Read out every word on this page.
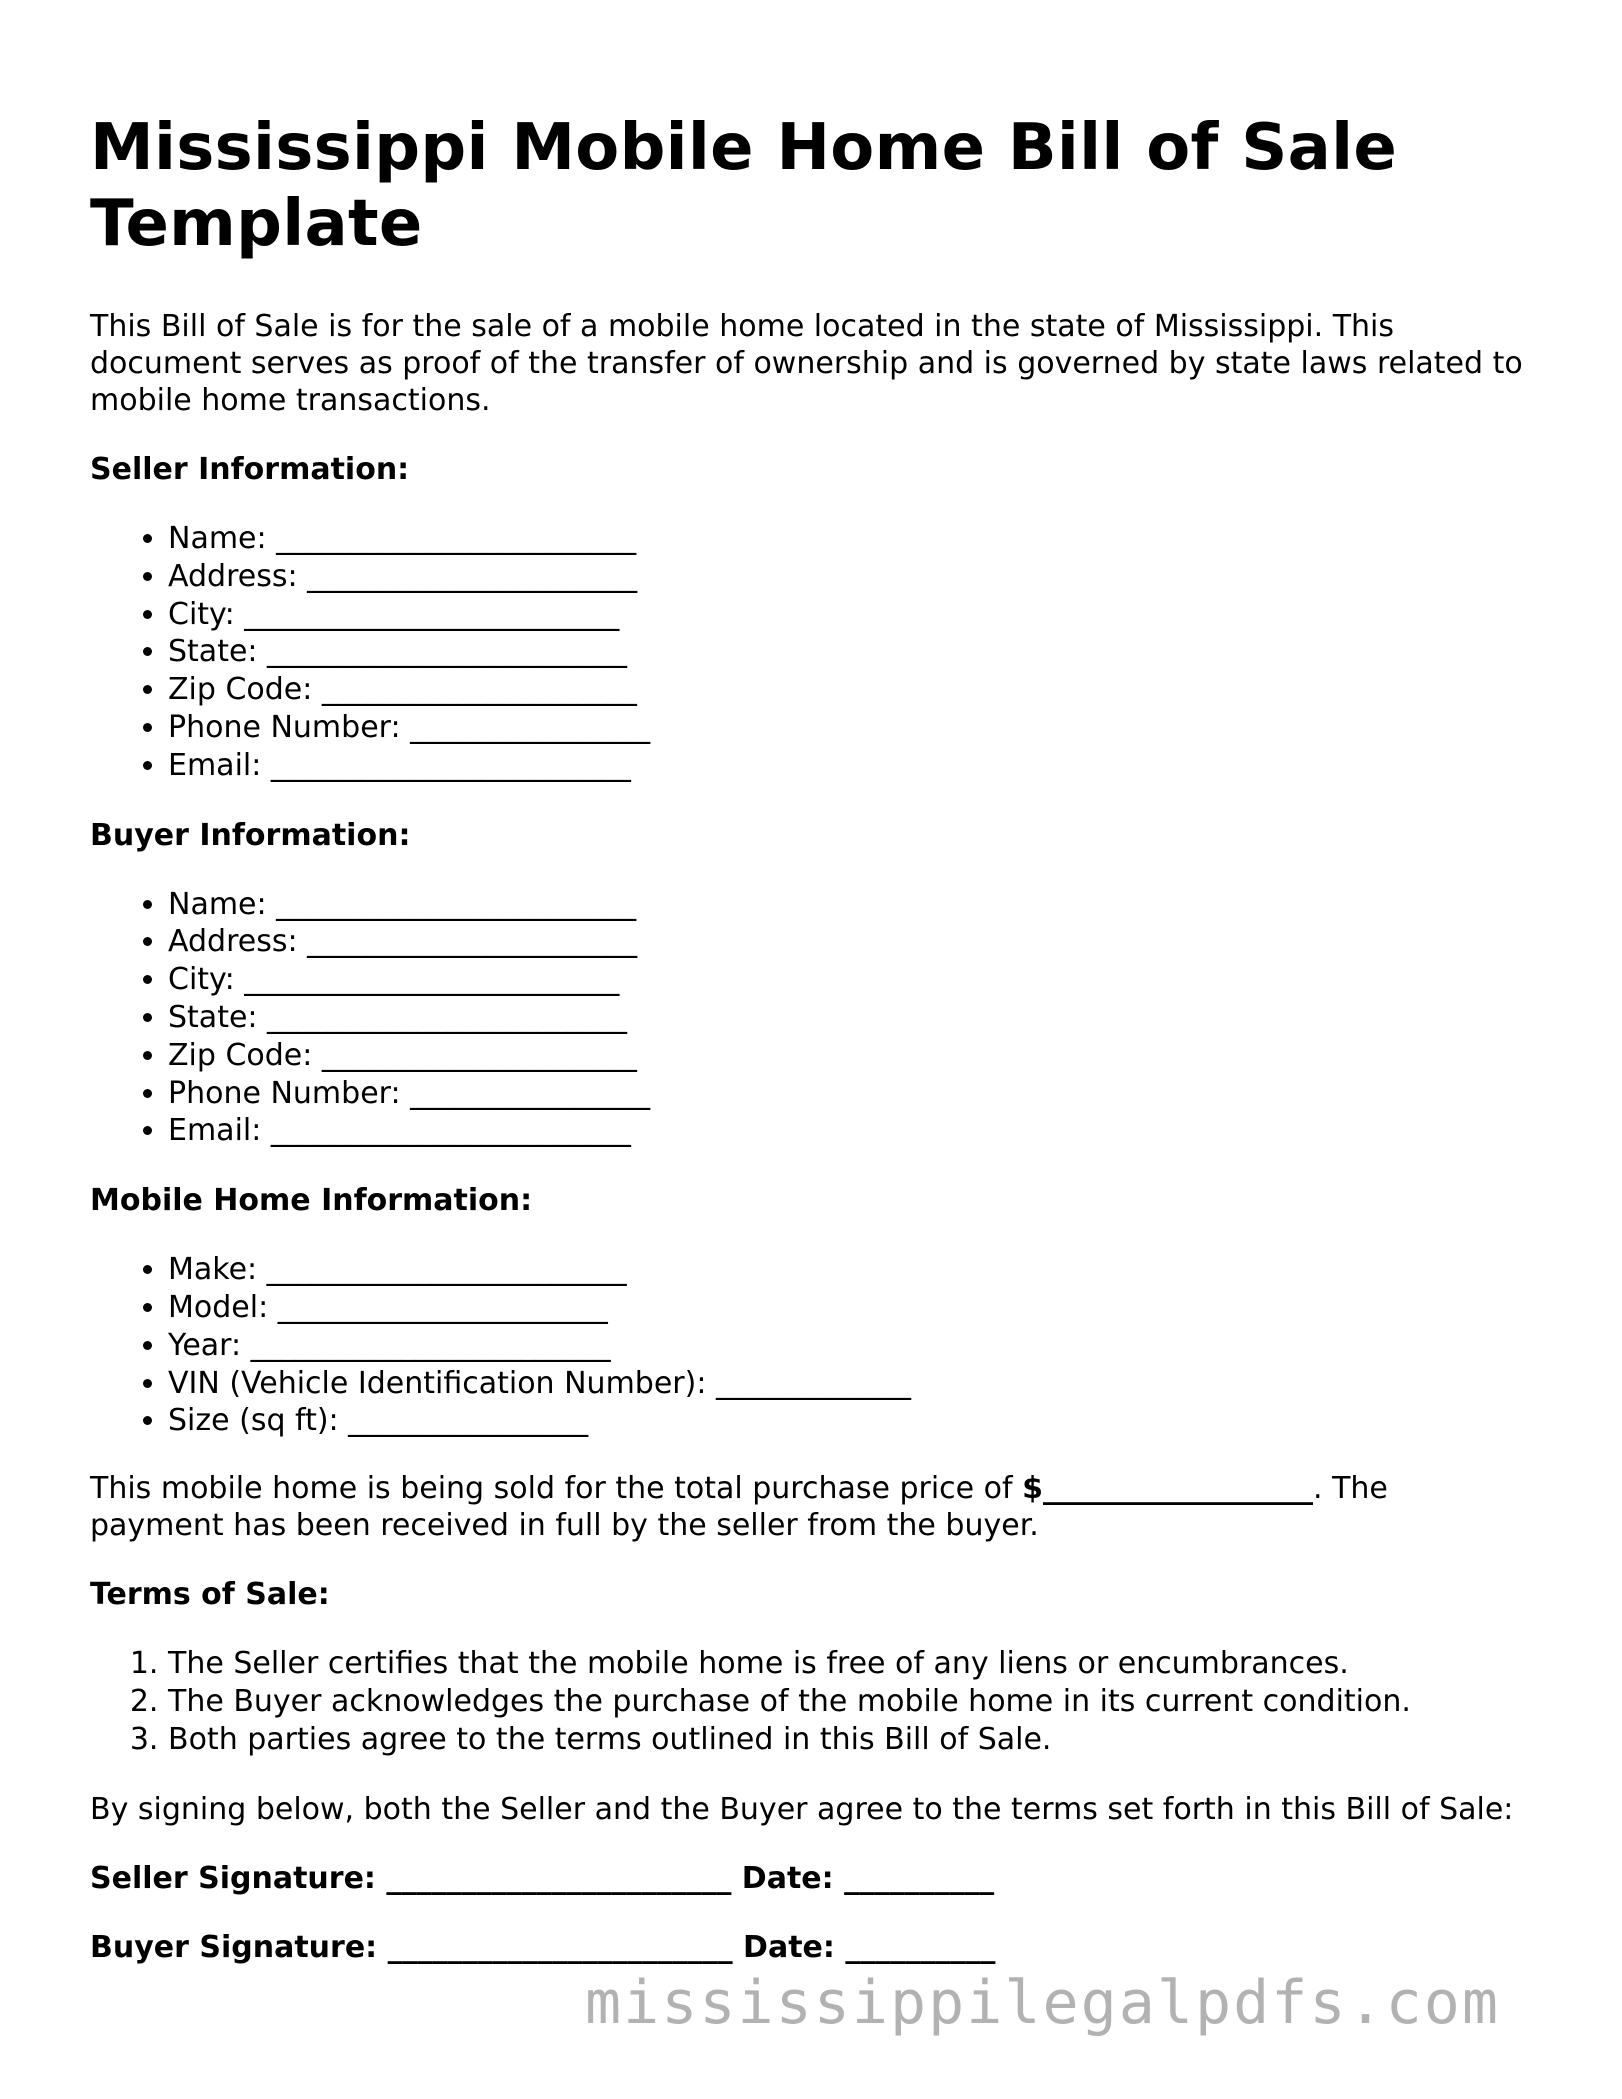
Mississippi Mobile Home Bill of Sale Template

This Bill of Sale is for the sale of a mobile home located in the state of Mississippi. This document serves as proof of the transfer of ownership and is governed by state laws related to mobile home transactions.

Seller Information:
• Name: ________________________
• Address: ______________________
• City: _________________________
• State: ________________________
• Zip Code: _____________________
• Phone Number: ________________
• Email: ________________________
Buyer Information:
• Name: ________________________
• Address: ______________________
• City: _________________________
• State: ________________________
• Zip Code: _____________________
• Phone Number: ________________
• Email: ________________________
Mobile Home Information:
• Make: ________________________
• Model: ______________________
• Year: ________________________
• VIN (Vehicle Identification Number): _____________
• Size (sq ft): ________________

This mobile home is being sold for the total purchase price of $__________________. The payment has been received in full by the seller from the buyer.

Terms of Sale:
1. The Seller certifies that the mobile home is free of any liens or encumbrances.
2. The Buyer acknowledges the purchase of the mobile home in its current condition.
3. Both parties agree to the terms outlined in this Bill of Sale.

By signing below, both the Seller and the Buyer agree to the terms set forth in this Bill of Sale:

Seller Signature: _______________________ Date: __________
Buyer Signature: _______________________ Date: __________
mississippilegalpdfs.com
